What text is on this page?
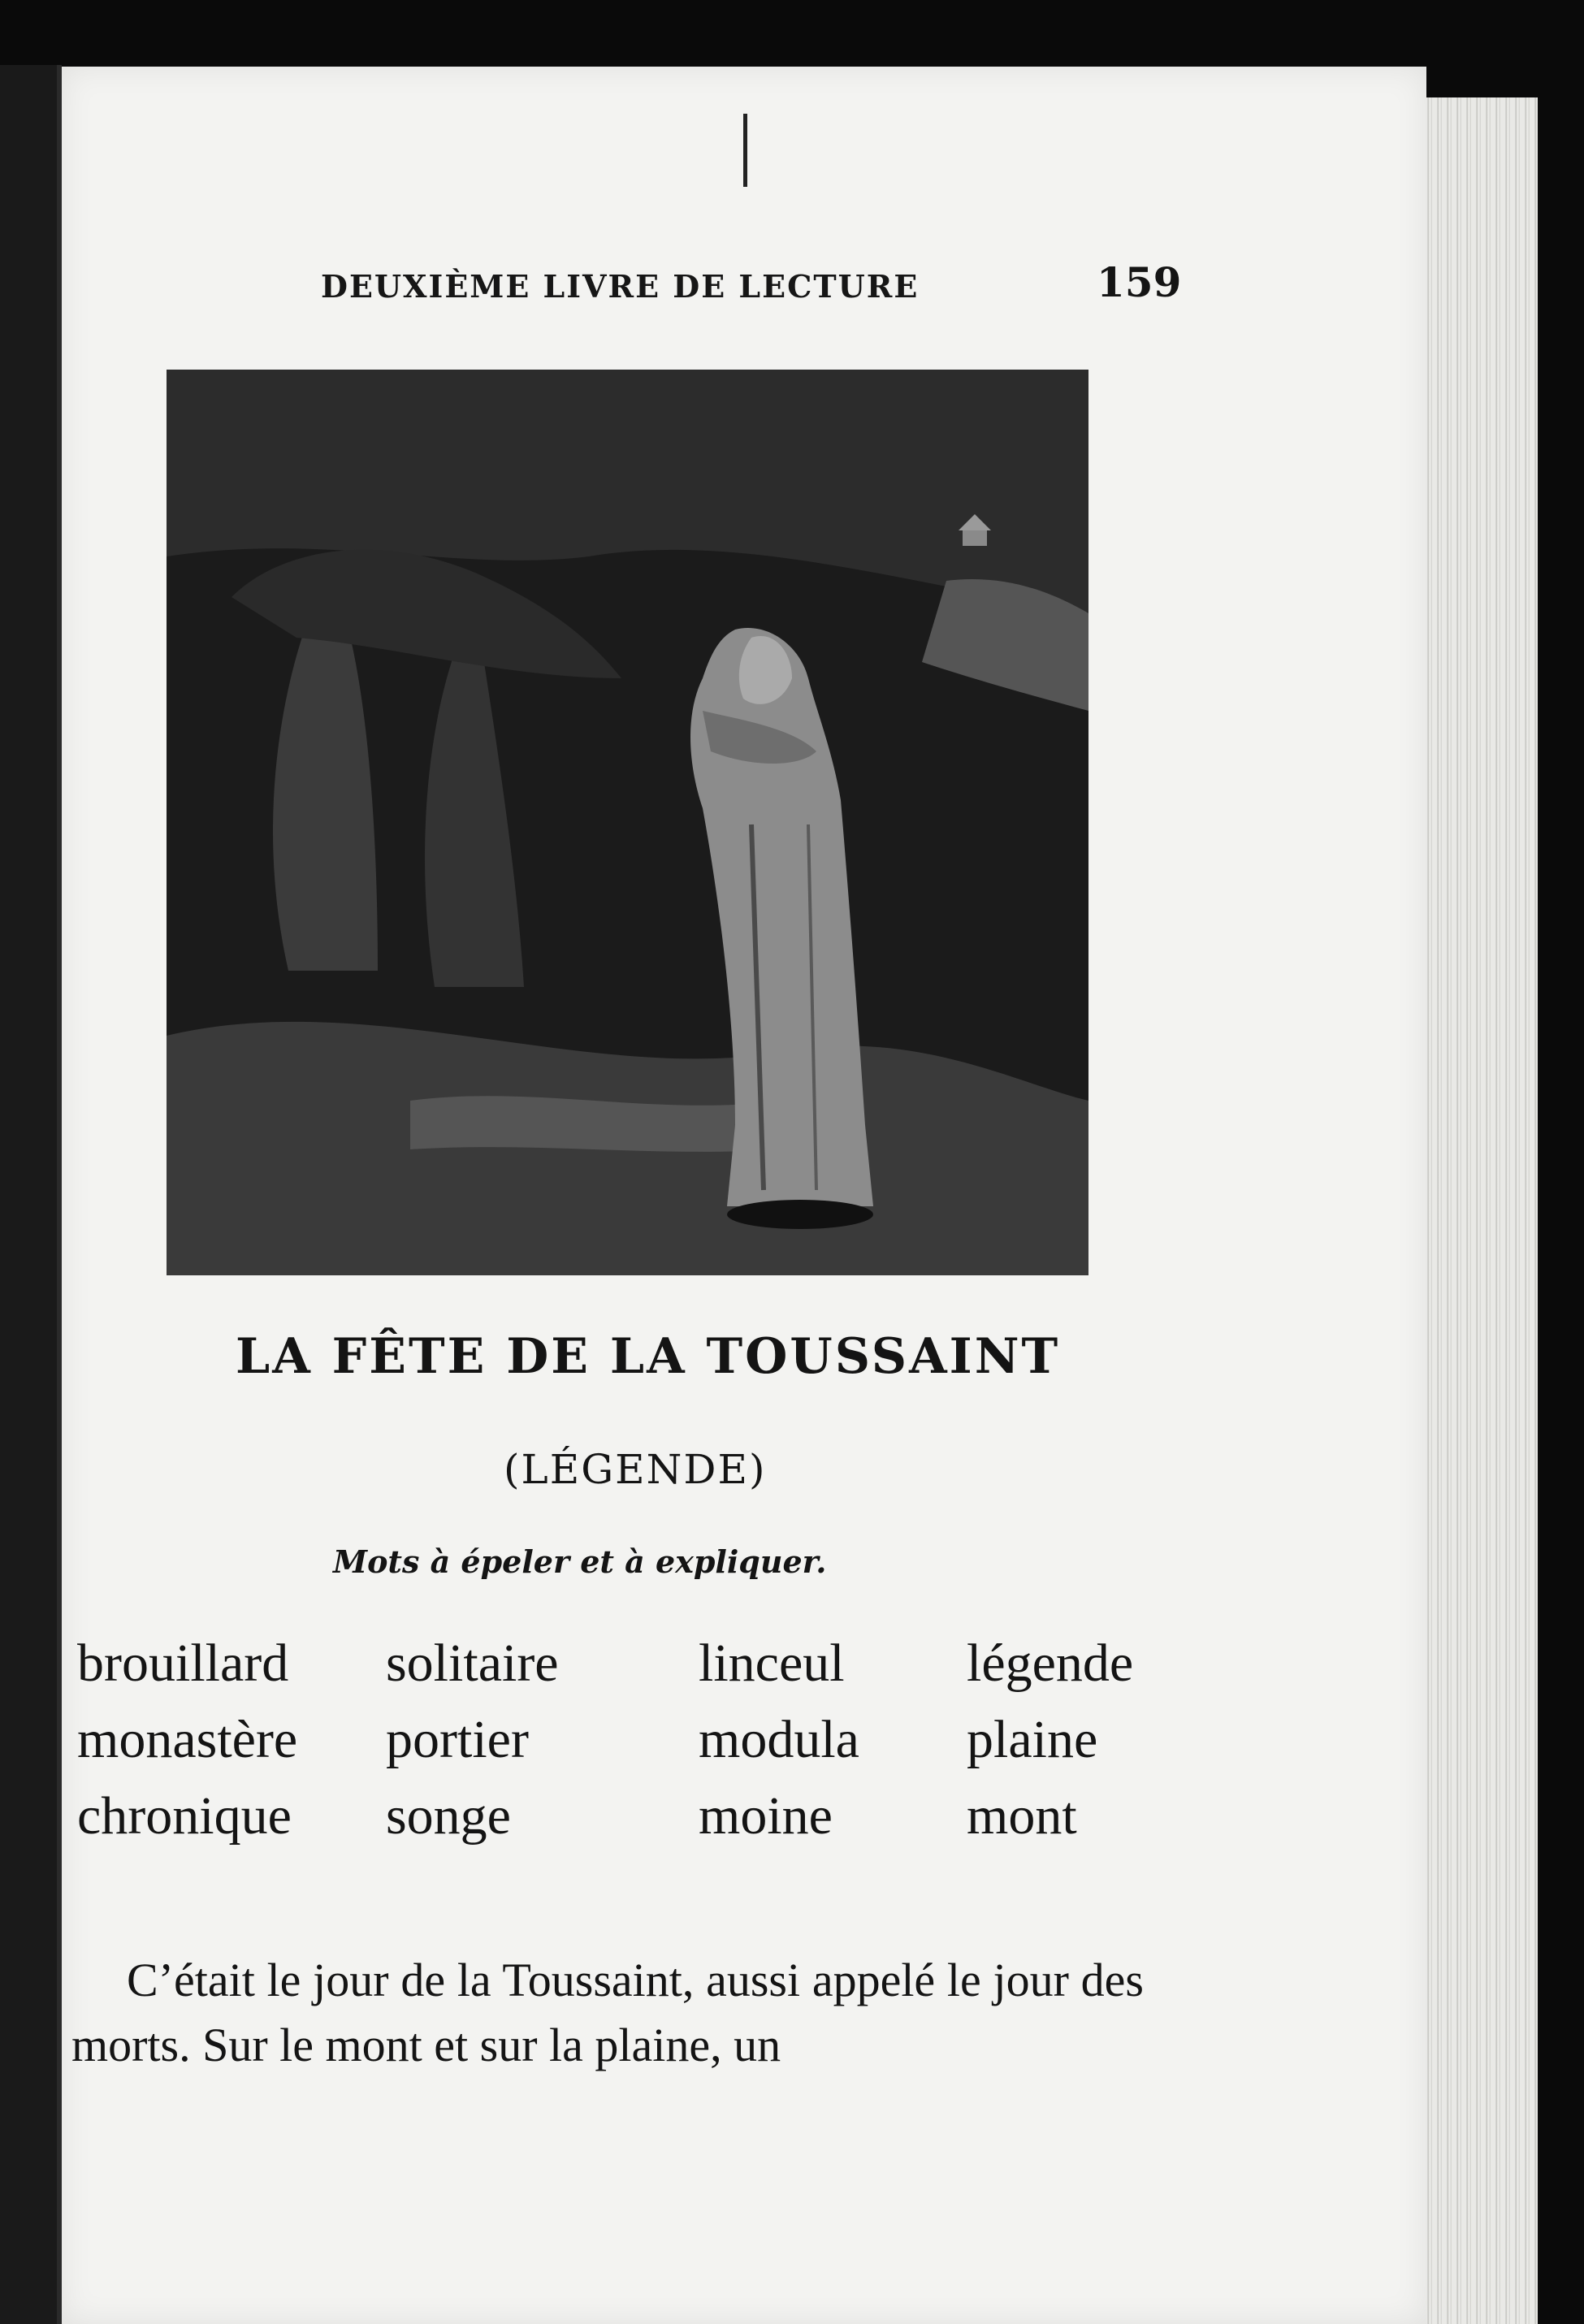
DEUXIÈME LIVRE DE LECTURE	159
LA FÊTE DE LA TOUSSAINT
(LÉGENDE)
Mots à épeler et à expliquer.
brouillard	solitaire	linceul	légende
monastère	portier	modula	plaine
chronique	songe	moine	mont

C’était le jour de la Toussaint, aussi appelé le jour des morts. Sur le mont et sur la plaine, un
